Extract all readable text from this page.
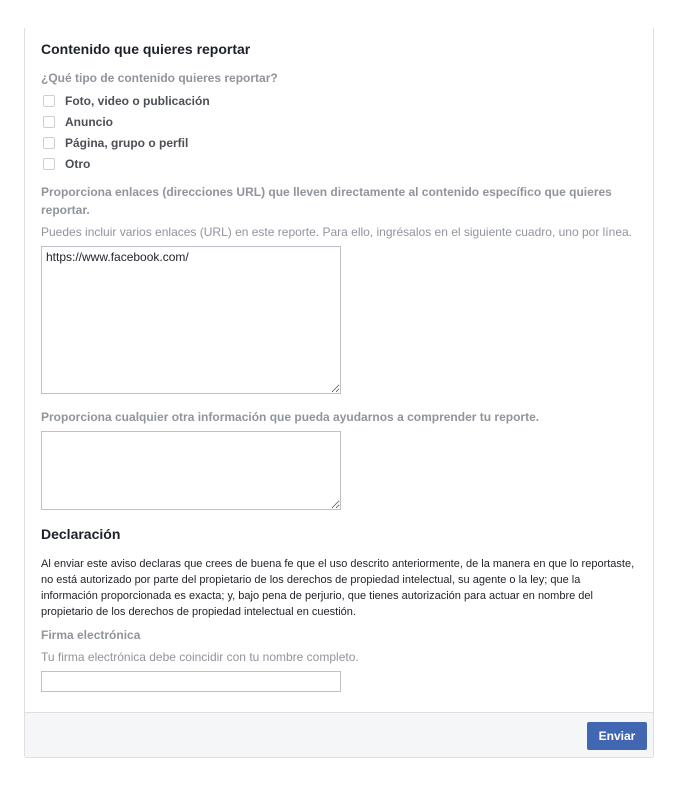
Contenido que quieres reportar
¿Qué tipo de contenido quieres reportar?
Foto, video o publicación
Anuncio
Página, grupo o perfil
Otro
Proporciona enlaces (direcciones URL) que lleven directamente al contenido específico que quieres reportar.
Puedes incluir varios enlaces (URL) en este reporte. Para ello, ingrésalos en el siguiente cuadro, uno por línea.
https://www.facebook.com/
Proporciona cualquier otra información que pueda ayudarnos a comprender tu reporte.
Declaración
Al enviar este aviso declaras que crees de buena fe que el uso descrito anteriormente, de la manera en que lo reportaste, no está autorizado por parte del propietario de los derechos de propiedad intelectual, su agente o la ley; que la información proporcionada es exacta; y, bajo pena de perjurio, que tienes autorización para actuar en nombre del propietario de los derechos de propiedad intelectual en cuestión.
Firma electrónica
Tu firma electrónica debe coincidir con tu nombre completo.
Enviar
